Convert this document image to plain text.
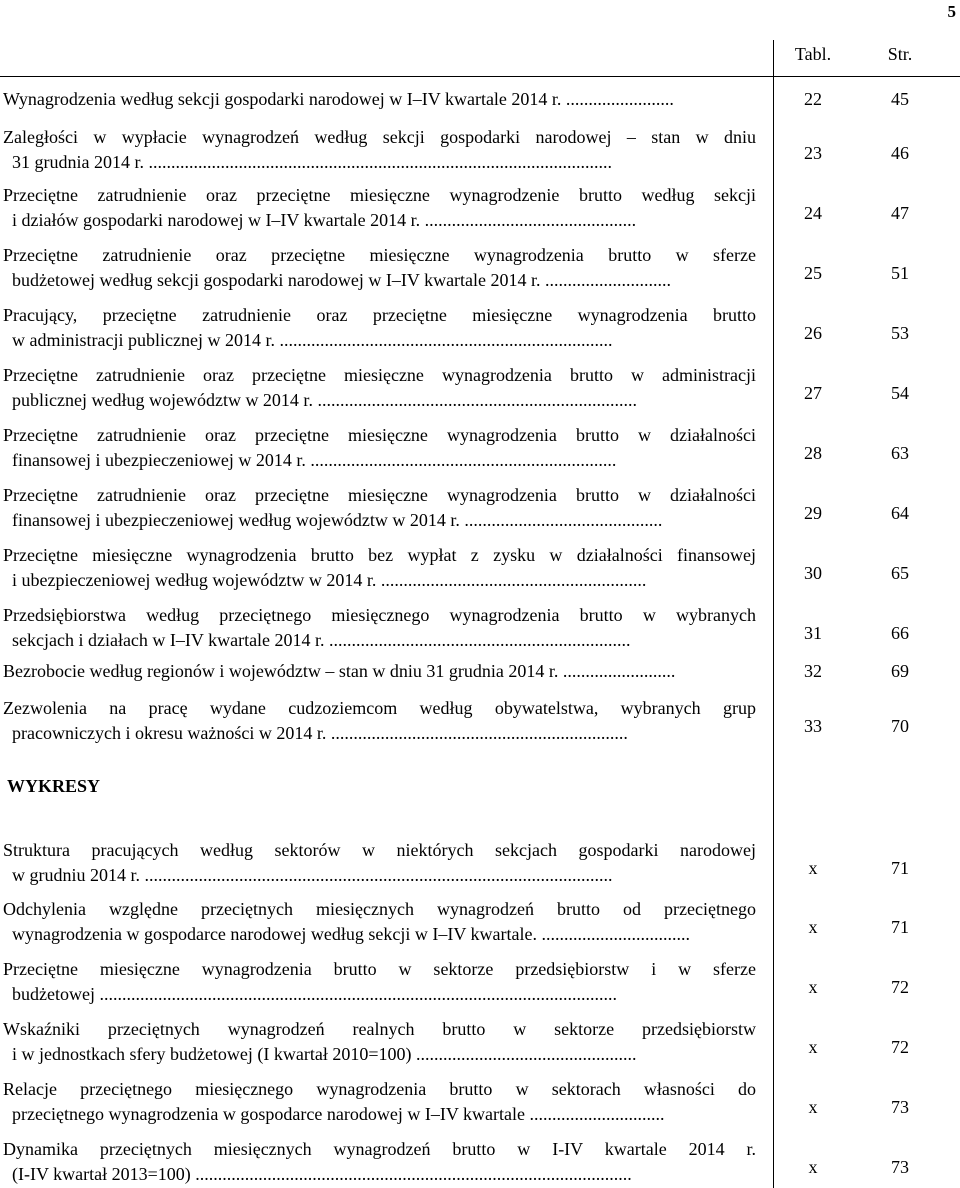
5
Tabl.	Str.
Wynagrodzenia według sekcji gospodarki narodowej w I–IV kwartale 2014 r. ........................	22	45
Zaległości w wypłacie wynagrodzeń według sekcji gospodarki narodowej – stan w dniu
31 grudnia 2014 r. .......................................................................................................	23	46
Przeciętne zatrudnienie oraz przeciętne miesięczne wynagrodzenie brutto według sekcji
i działów gospodarki narodowej w I–IV kwartale 2014 r. ...............................................	24	47
Przeciętne zatrudnienie oraz przeciętne miesięczne wynagrodzenia brutto w sferze
budżetowej według sekcji gospodarki narodowej w I–IV kwartale 2014 r. ............................	25	51
Pracujący, przeciętne zatrudnienie oraz przeciętne miesięczne wynagrodzenia brutto
w administracji publicznej w 2014 r. ..........................................................................	26	53
Przeciętne zatrudnienie oraz przeciętne miesięczne wynagrodzenia brutto w administracji
publicznej według województw w 2014 r. .......................................................................	27	54
Przeciętne zatrudnienie oraz przeciętne miesięczne wynagrodzenia brutto w działalności
finansowej i ubezpieczeniowej w 2014 r. ....................................................................	28	63
Przeciętne zatrudnienie oraz przeciętne miesięczne wynagrodzenia brutto w działalności
finansowej i ubezpieczeniowej według województw w 2014 r. ............................................	29	64
Przeciętne miesięczne wynagrodzenia brutto bez wypłat z zysku w działalności finansowej
i ubezpieczeniowej według województw w 2014 r. ...........................................................	30	65
Przedsiębiorstwa według przeciętnego miesięcznego wynagrodzenia brutto w wybranych
sekcjach i działach w I–IV kwartale 2014 r. ...................................................................	31	66
Bezrobocie według regionów i województw – stan w dniu 31 grudnia 2014 r. .........................	32	69
Zezwolenia na pracę wydane cudzoziemcom według obywatelstwa, wybranych grup
pracowniczych i okresu ważności w 2014 r. ..................................................................	33	70
WYKRESY
Struktura pracujących według sektorów w niektórych sekcjach gospodarki narodowej
w grudniu 2014 r. ........................................................................................................	x	71
Odchylenia względne przeciętnych miesięcznych wynagrodzeń brutto od przeciętnego
wynagrodzenia w gospodarce narodowej według sekcji w I–IV kwartale. .................................	x	71
Przeciętne miesięczne wynagrodzenia brutto w sektorze przedsiębiorstw i w sferze
budżetowej ...................................................................................................................	x	72
Wskaźniki przeciętnych wynagrodzeń realnych brutto w sektorze przedsiębiorstw
i w jednostkach sfery budżetowej (I kwartał 2010=100) .................................................	x	72
Relacje przeciętnego miesięcznego wynagrodzenia brutto w sektorach własności do
przeciętnego wynagrodzenia w gospodarce narodowej w I–IV kwartale ..............................	x	73
Dynamika przeciętnych miesięcznych wynagrodzeń brutto w I-IV kwartale 2014 r.
(I-IV kwartał 2013=100) .................................................................................................	x	73
